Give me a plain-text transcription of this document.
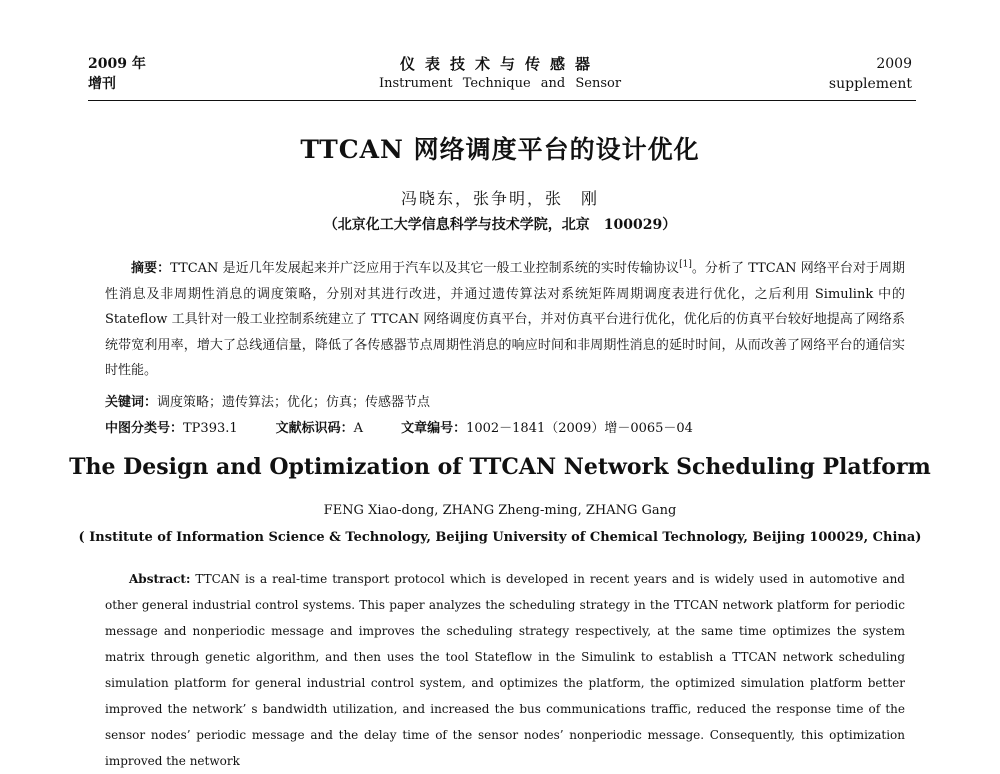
2009 年
增刊
仪表技术与传感器
Instrument Technique and Sensor
2009
supplement
TTCAN 网络调度平台的设计优化
冯晓东，张争明，张　刚
（北京化工大学信息科学与技术学院，北京　100029）
摘要：TTCAN 是近几年发展起来并广泛应用于汽车以及其它一般工业控制系统的实时传输协议[1]。分析了 TTCAN 网络平台对于周期性消息及非周期性消息的调度策略，分别对其进行改进，并通过遗传算法对系统矩阵周期调度表进行优化，之后利用 Simulink 中的 Stateflow 工具针对一般工业控制系统建立了 TTCAN 网络调度仿真平台，并对仿真平台进行优化，优化后的仿真平台较好地提高了网络系统带宽利用率，增大了总线通信量，降低了各传感器节点周期性消息的响应时间和非周期性消息的延时时间，从而改善了网络平台的通信实时性能。
关键词：调度策略；遗传算法；优化；仿真；传感器节点
中图分类号：TP393.1	文献标识码：A	文章编号：1002－1841（2009）增－0065－04
The Design and Optimization of TTCAN Network Scheduling Platform
FENG Xiao-dong, ZHANG Zheng-ming, ZHANG Gang
( Institute of Information Science & Technology, Beijing University of Chemical Technology, Beijing 100029, China)
Abstract: TTCAN is a real-time transport protocol which is developed in recent years and is widely used in automotive and other general industrial control systems. This paper analyzes the scheduling strategy in the TTCAN network platform for periodic message and nonperiodic message and improves the scheduling strategy respectively, at the same time optimizes the system matrix through genetic algorithm, and then uses the tool Stateflow in the Simulink to establish a TTCAN network scheduling simulation platform for general industrial control system, and optimizes the platform, the optimized simulation platform better improved the network’ s bandwidth utilization, and increased the bus communications traffic, reduced the response time of the sensor nodes’ periodic message and the delay time of the sensor nodes’ nonperiodic message. Consequently, this optimization improved the network
